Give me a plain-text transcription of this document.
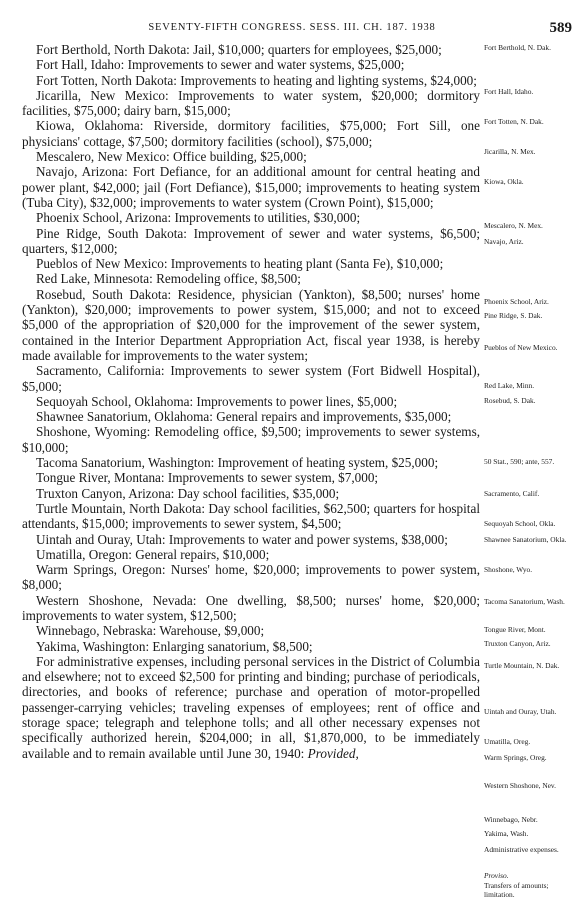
SEVENTY-FIFTH CONGRESS. SESS. III. CH. 187. 1938	589

Fort Berthold, North Dakota: Jail, $10,000; quarters for employees, $25,000;

Fort Hall, Idaho: Improvements to sewer and water systems, $25,000;

Fort Totten, North Dakota: Improvements to heating and lighting systems, $24,000;

Jicarilla, New Mexico: Improvements to water system, $20,000; dormitory facilities, $75,000; dairy barn, $15,000;

Kiowa, Oklahoma: Riverside, dormitory facilities, $75,000; Fort Sill, one physicians' cottage, $7,500; dormitory facilities (school), $75,000;

Mescalero, New Mexico: Office building, $25,000;

Navajo, Arizona: Fort Defiance, for an additional amount for central heating and power plant, $42,000; jail (Fort Defiance), $15,000; improvements to heating system (Tuba City), $32,000; improvements to water system (Crown Point), $15,000;

Phoenix School, Arizona: Improvements to utilities, $30,000;

Pine Ridge, South Dakota: Improvement of sewer and water systems, $6,500; quarters, $12,000;

Pueblos of New Mexico: Improvements to heating plant (Santa Fe), $10,000;

Red Lake, Minnesota: Remodeling office, $8,500;

Rosebud, South Dakota: Residence, physician (Yankton), $8,500; nurses' home (Yankton), $20,000; improvements to power system, $15,000; and not to exceed $5,000 of the appropriation of $20,000 for the improvement of the sewer system, contained in the Interior Department Appropriation Act, fiscal year 1938, is hereby made available for improvements to the water system;

Sacramento, California: Improvements to sewer system (Fort Bidwell Hospital), $5,000;

Sequoyah School, Oklahoma: Improvements to power lines, $5,000;

Shawnee Sanatorium, Oklahoma: General repairs and improvements, $35,000;

Shoshone, Wyoming: Remodeling office, $9,500; improvements to sewer systems, $10,000;

Tacoma Sanatorium, Washington: Improvement of heating system, $25,000;

Tongue River, Montana: Improvements to sewer system, $7,000;

Truxton Canyon, Arizona: Day school facilities, $35,000;

Turtle Mountain, North Dakota: Day school facilities, $62,500; quarters for hospital attendants, $15,000; improvements to sewer system, $4,500;

Uintah and Ouray, Utah: Improvements to water and power systems, $38,000;

Umatilla, Oregon: General repairs, $10,000;

Warm Springs, Oregon: Nurses' home, $20,000; improvements to power system, $8,000;

Western Shoshone, Nevada: One dwelling, $8,500; nurses' home, $20,000; improvements to water system, $12,500;

Winnebago, Nebraska: Warehouse, $9,000;

Yakima, Washington: Enlarging sanatorium, $8,500;

For administrative expenses, including personal services in the District of Columbia and elsewhere; not to exceed $2,500 for printing and binding; purchase of periodicals, directories, and books of reference; purchase and operation of motor-propelled passenger-carrying vehicles; traveling expenses of employees; rent of office and storage space; telegraph and telephone tolls; and all other necessary expenses not specifically authorized herein, $204,000; in all, $1,870,000, to be immediately available and to remain available until June 30, 1940: Provided,

Fort Berthold, N. Dak.
Fort Hall, Idaho.
Fort Totten, N. Dak.
Jicarilla, N. Mex.
Kiowa, Okla.
Mescalero, N. Mex.
Navajo, Ariz.
Phoenix School, Ariz.
Pine Ridge, S. Dak.
Pueblos of New Mexico.
Red Lake, Minn.
Rosebud, S. Dak.
50 Stat., 590; ante, 557.
Sacramento, Calif.
Sequoyah School, Okla.
Shawnee Sanatorium, Okla.
Shoshone, Wyo.
Tacoma Sanatorium, Wash.
Tongue River, Mont.
Truxton Canyon, Ariz.
Turtle Mountain, N. Dak.
Uintah and Ouray, Utah.
Umatilla, Oreg.
Warm Springs, Oreg.
Western Shoshone, Nev.
Winnebago, Nebr.
Yakima, Wash.
Administrative expenses.
Proviso.
Transfers of amounts; limitation.
